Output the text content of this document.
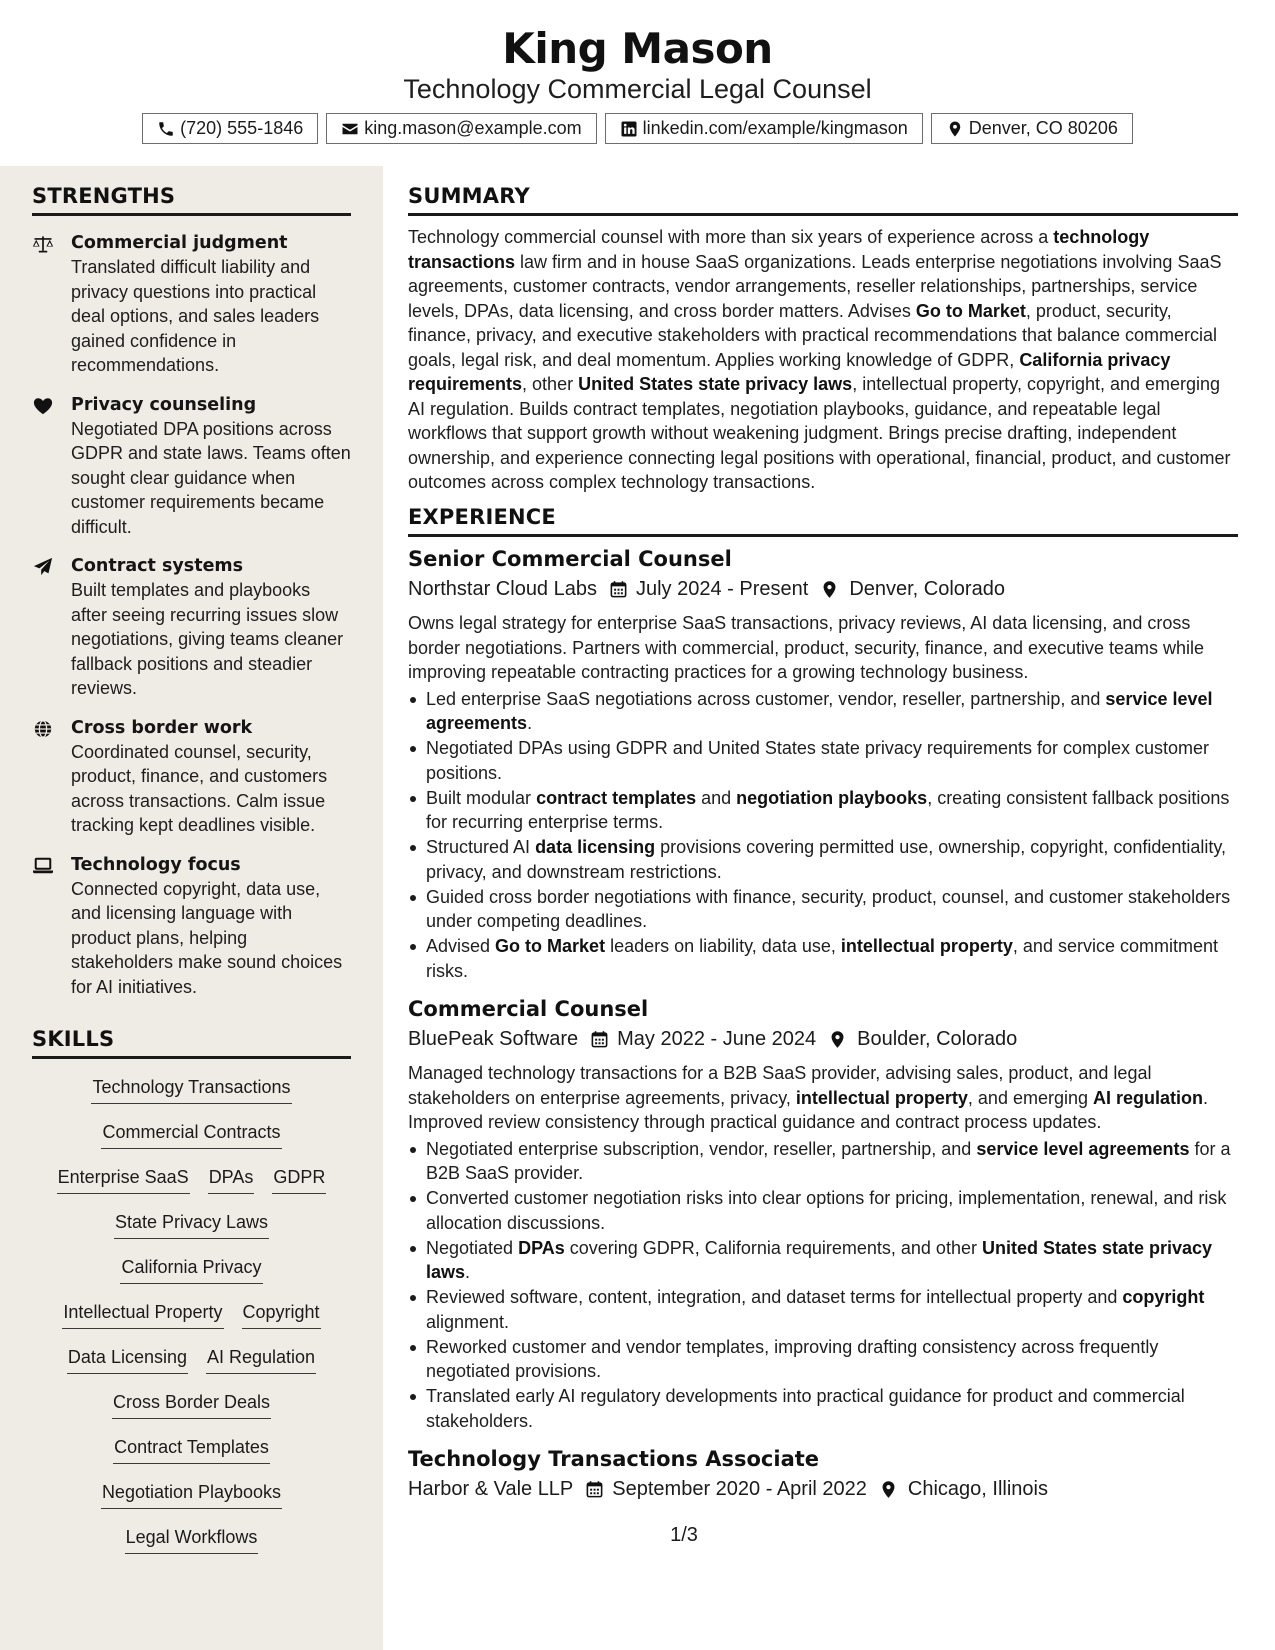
King Mason
Technology Commercial Legal Counsel
(720) 555-1846	king.mason@example.com	linkedin.com/example/kingmason	Denver, CO 80206
STRENGTHS
Commercial judgment
Translated difficult liability and privacy questions into practical deal options, and sales leaders gained confidence in recommendations.
Privacy counseling
Negotiated DPA positions across GDPR and state laws. Teams often sought clear guidance when customer requirements became difficult.
Contract systems
Built templates and playbooks after seeing recurring issues slow negotiations, giving teams cleaner fallback positions and steadier reviews.
Cross border work
Coordinated counsel, security, product, finance, and customers across transactions. Calm issue tracking kept deadlines visible.
Technology focus
Connected copyright, data use, and licensing language with product plans, helping stakeholders make sound choices for AI initiatives.
SKILLS
Technology Transactions
Commercial Contracts
Enterprise SaaS DPAs GDPR
State Privacy Laws
California Privacy
Intellectual Property Copyright
Data Licensing AI Regulation
Cross Border Deals
Contract Templates
Negotiation Playbooks
Legal Workflows
SUMMARY

Technology commercial counsel with more than six years of experience across a technology transactions law firm and in house SaaS organizations. Leads enterprise negotiations involving SaaS agreements, customer contracts, vendor arrangements, reseller relationships, partnerships, service levels, DPAs, data licensing, and cross border matters. Advises Go to Market, product, security, finance, privacy, and executive stakeholders with practical recommendations that balance commercial goals, legal risk, and deal momentum. Applies working knowledge of GDPR, California privacy requirements, other United States state privacy laws, intellectual property, copyright, and emerging AI regulation. Builds contract templates, negotiation playbooks, guidance, and repeatable legal workflows that support growth without weakening judgment. Brings precise drafting, independent ownership, and experience connecting legal positions with operational, financial, product, and customer outcomes across complex technology transactions.

EXPERIENCE
Senior Commercial Counsel
Northstar Cloud Labs July 2024 - Present Denver, Colorado

Owns legal strategy for enterprise SaaS transactions, privacy reviews, AI data licensing, and cross border negotiations. Partners with commercial, product, security, finance, and executive teams while improving repeatable contracting practices for a growing technology business.

Led enterprise SaaS negotiations across customer, vendor, reseller, partnership, and service level agreements.
Negotiated DPAs using GDPR and United States state privacy requirements for complex customer positions.
Built modular contract templates and negotiation playbooks, creating consistent fallback positions for recurring enterprise terms.
Structured AI data licensing provisions covering permitted use, ownership, copyright, confidentiality, privacy, and downstream restrictions.
Guided cross border negotiations with finance, security, product, counsel, and customer stakeholders under competing deadlines.
Advised Go to Market leaders on liability, data use, intellectual property, and service commitment risks.
Commercial Counsel
BluePeak Software May 2022 - June 2024 Boulder, Colorado

Managed technology transactions for a B2B SaaS provider, advising sales, product, and legal stakeholders on enterprise agreements, privacy, intellectual property, and emerging AI regulation. Improved review consistency through practical guidance and contract process updates.

Negotiated enterprise subscription, vendor, reseller, partnership, and service level agreements for a B2B SaaS provider.
Converted customer negotiation risks into clear options for pricing, implementation, renewal, and risk allocation discussions.
Negotiated DPAs covering GDPR, California requirements, and other United States state privacy laws.
Reviewed software, content, integration, and dataset terms for intellectual property and copyright alignment.
Reworked customer and vendor templates, improving drafting consistency across frequently negotiated provisions.
Translated early AI regulatory developments into practical guidance for product and commercial stakeholders.
Technology Transactions Associate
Harbor & Vale LLP September 2020 - April 2022 Chicago, Illinois
1/3
